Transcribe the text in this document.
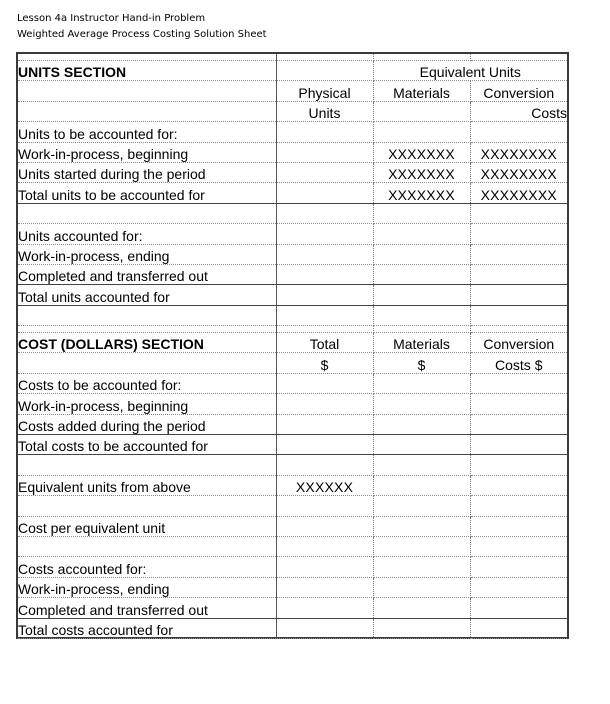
Lesson 4a Instructor Hand-in Problem
Weighted Average Process Costing Solution Sheet

UNITS SECTION		Equivalent Units	
	Physical	Materials	Conversion
	Units		Costs
Units to be accounted for:			
Work-in-process, beginning		XXXXXXX	XXXXXXXX
Units started during the period		XXXXXXX	XXXXXXXX
Total units to be accounted for		XXXXXXX	XXXXXXXX

Units accounted for:			
Work-in-process, ending			
Completed and transferred out			
Total units accounted for			

COST (DOLLARS) SECTION	Total	Materials	Conversion
	$	$	Costs $
Costs to be accounted for:			
Work-in-process, beginning			
Costs added during the period			
Total costs to be accounted for			

Equivalent units from above	XXXXXX		

Cost per equivalent unit			

Costs accounted for:			
Work-in-process, ending			
Completed and transferred out			
Total costs accounted for			
